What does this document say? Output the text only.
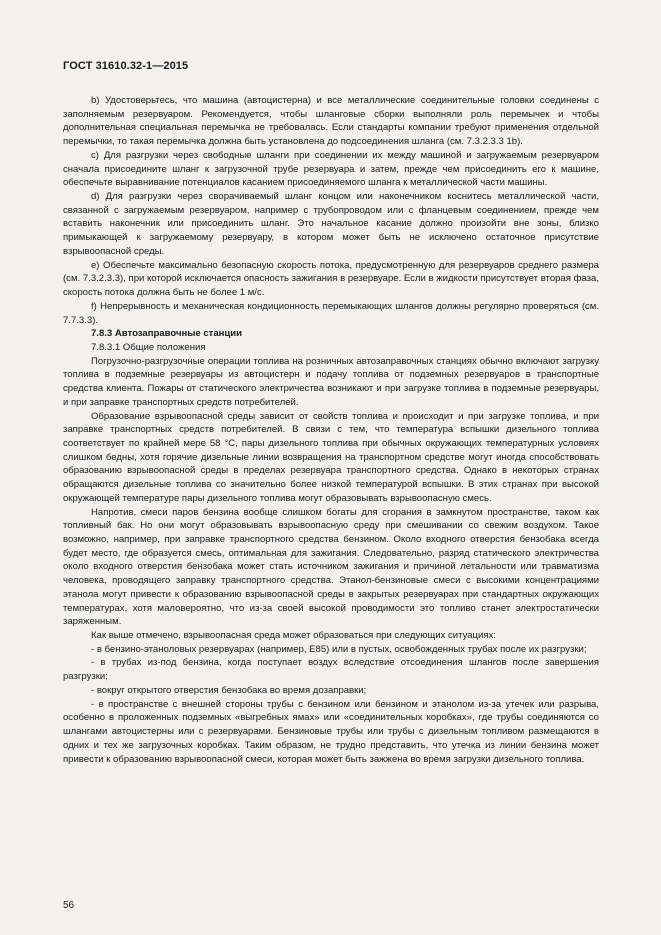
ГОСТ 31610.32-1—2015

b) Удостоверьтесь, что машина (автоцистерна) и все металлические соединительные головки соединены с заполняемым резервуаром. Рекомендуется, чтобы шланговые сборки выполняли роль перемычек и чтобы дополнительная специальная перемычка не требовалась. Если стандарты компании требуют применения отдельной перемычки, то такая перемычка должна быть установлена до подсоединения шланга (см. 7.3.2.3.3 1b).

c) Для разгрузки через свободные шланги при соединении их между машиной и загружаемым резервуаром сначала присоедините шланг к загрузочной трубе резервуара и затем, прежде чем присоединить его к машине, обеспечьте выравнивание потенциалов касанием присоединяемого шланга к металлической части машины.

d) Для разгрузки через сворачиваемый шланг концом или наконечником коснитесь металлической части, связанной с загружаемым резервуаром, например с трубопроводом или с фланцевым соединением, прежде чем вставить наконечник или присоединить шланг. Это начальное касание должно произойти вне зоны, близко примыкающей к загружаемому резервуару, в котором может быть не исключено остаточное присутствие взрывоопасной среды.

e) Обеспечьте максимально безопасную скорость потока, предусмотренную для резервуаров среднего размера (см. 7.3.2.3.3), при которой исключается опасность зажигания в резервуаре. Если в жидкости присутствует вторая фаза, скорость потока должна быть не более 1 м/с.

f) Непрерывность и механическая кондиционность перемыкающих шлангов должны регулярно проверяться (см. 7.7.3.3).

7.8.3 Автозаправочные станции

7.8.3.1 Общие положения

Погрузочно-разгрузочные операции топлива на розничных автозаправочных станциях обычно включают загрузку топлива в подземные резервуары из автоцистерн и подачу топлива от подземных резервуаров в транспортные средства клиента. Пожары от статического электричества возникают и при загрузке топлива в подземные резервуары, и при заправке транспортных средств потребителей.

Образование взрывоопасной среды зависит от свойств топлива и происходит и при загрузке топлива, и при заправке транспортных средств потребителей. В связи с тем, что температура вспышки дизельного топлива соответствует по крайней мере 58 °С, пары дизельного топлива при обычных окружающих температурных условиях слишком бедны, хотя горячие дизельные линии возвращения на транспортном средстве могут иногда способствовать образованию взрывоопасной среды в пределах резервуара транспортного средства. Однако в некоторых странах обращаются дизельные топлива со значительно более низкой температурой вспышки. В этих странах при высокой окружающей температуре пары дизельного топлива могут образовывать взрывоопасную смесь.

Напротив, смеси паров бензина вообще слишком богаты для сгорания в замкнутом пространстве, таком как топливный бак. Но они могут образовывать взрывоопасную среду при смешивании со свежим воздухом. Такое возможно, например, при заправке транспортного средства бензином. Около входного отверстия бензобака всегда будет место, где образуется смесь, оптимальная для зажигания. Следовательно, разряд статического электричества около входного отверстия бензобака может стать источником зажигания и причиной летальности или травматизма человека, проводящего заправку транспортного средства. Этанол-бензиновые смеси с высокими концентрациями этанола могут привести к образованию взрывоопасной среды в закрытых резервуарах при стандартных окружающих температурах, хотя маловероятно, что из-за своей высокой проводимости это топливо станет электростатически заряженным.

Как выше отмечено, взрывоопасная среда может образоваться при следующих ситуациях:

- в бензино-этаноловых резервуарах (например, Е85) или в пустых, освобожденных трубах после их разгрузки;

- в трубах из-под бензина, когда поступает воздух вследствие отсоединения шлангов после завершения разгрузки;

- вокруг открытого отверстия бензобака во время дозаправки;

- в пространстве с внешней стороны трубы с бензином или бензином и этанолом из-за утечек или разрыва, особенно в проложенных подземных «выгребных ямах» или «соединительных коробках», где трубы соединяются со шлангами автоцистерны или с резервуарами. Бензиновые трубы или трубы с дизельным топливом размещаются в одних и тех же загрузочных коробках. Таким образом, не трудно представить, что утечка из линии бензина может привести к образованию взрывоопасной смеси, которая может быть зажжена во время загрузки дизельного топлива.

56
